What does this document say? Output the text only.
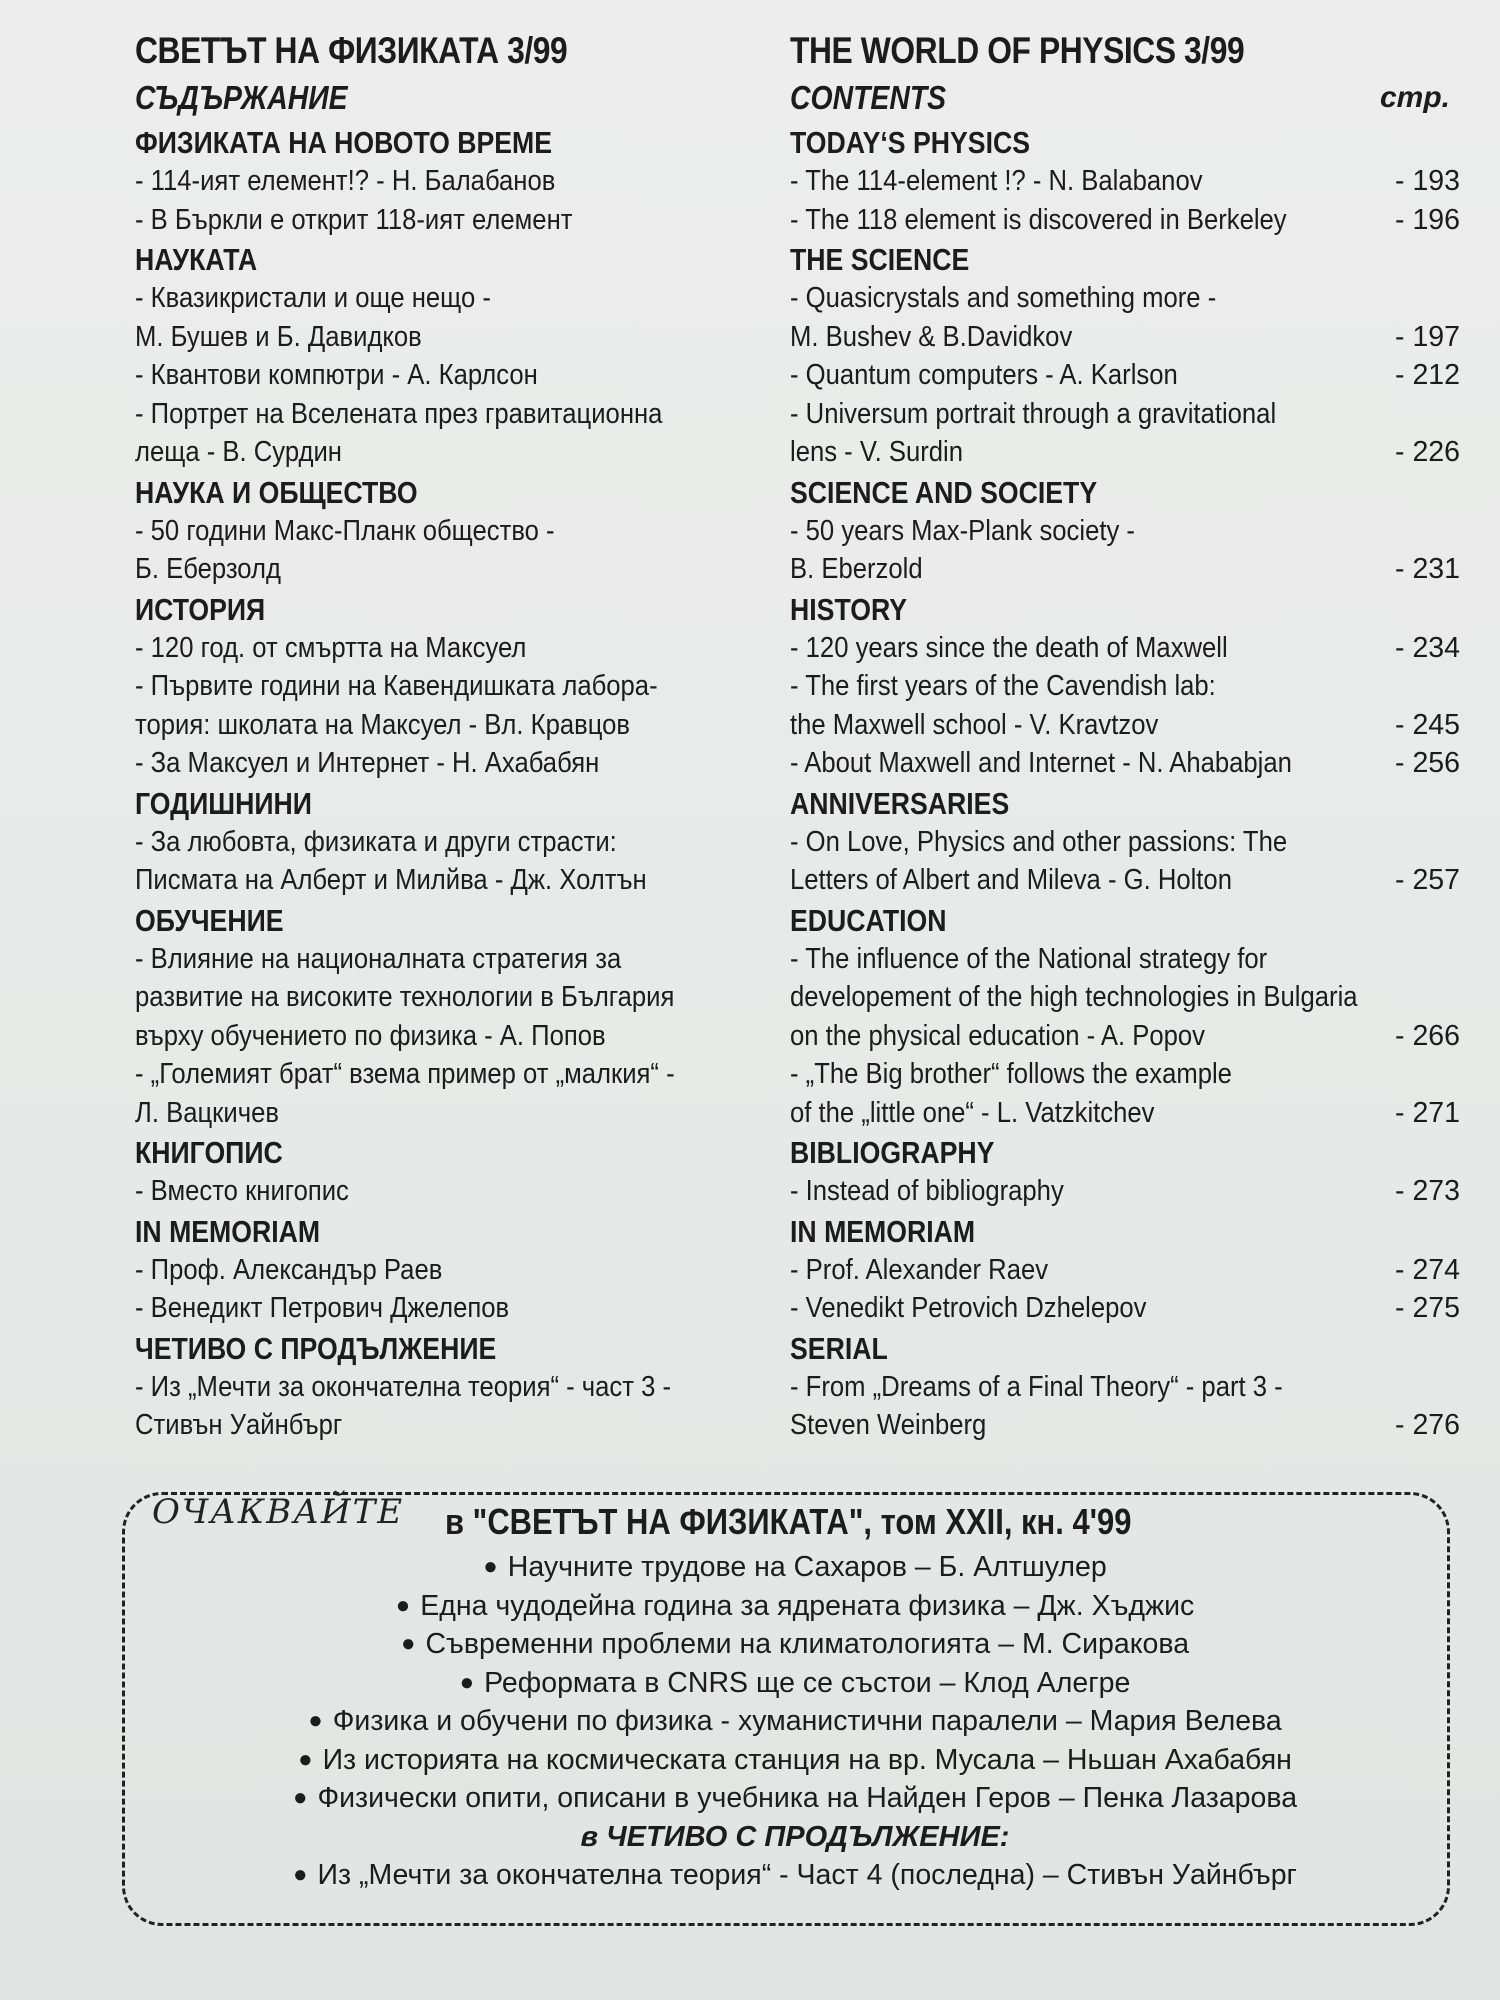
СВЕТЪТ НА ФИЗИКАТА 3/99
СЪДЪРЖАНИЕ
ФИЗИКАТА НА НОВОТО ВРЕМЕ
- 114-ият елемент!? - Н. Балабанов
- В Бъркли е открит 118-ият елемент
НАУКАТА
- Квазикристали и още нещо -
М. Бушев и Б. Давидков
- Квантови компютри - А. Карлсон
- Портрет на Вселената през гравитационна
леща - В. Сурдин
НАУКА И ОБЩЕСТВО
- 50 години Макс-Планк общество -
Б. Еберзолд
ИСТОРИЯ
- 120 год. от смъртта на Максуел
- Първите години на Кавендишката лабора-
тория: школата на Максуел - Вл. Кравцов
- За Максуел и Интернет - Н. Ахабабян
ГОДИШНИНИ
- За любовта, физиката и други страсти:
Писмата на Алберт и Милйва - Дж. Холтън
ОБУЧЕНИЕ
- Влияние на националната стратегия за
развитие на високите технологии в България
върху обучението по физика - А. Попов
- „Големият брат“ взема пример от „малкия“ -
Л. Вацкичев
КНИГОПИС
- Вместо книгопис
IN MEMORIAM
- Проф. Александър Раев
- Венедикт Петрович Джелепов
ЧЕТИВО С ПРОДЪЛЖЕНИЕ
- Из „Мечти за окончателна теория“ - част 3 -
Стивън Уайнбърг
THE WORLD OF PHYSICS 3/99
CONTENTS	стр.
TODAY‘S PHYSICS
- The 114-element !? - N. Balabanov	- 193
- The 118 element is discovered in Berkeley	- 196
THE SCIENCE
- Quasicrystals and something more -
M. Bushev & B.Davidkov	- 197
- Quantum computers - A. Karlson	- 212
- Universum portrait through a gravitational
lens - V. Surdin	- 226
SCIENCE AND SOCIETY
- 50 years Max-Plank society -
B. Eberzold	- 231
HISTORY
- 120 years since the death of Maxwell	- 234
- The first years of the Cavendish lab:
the Maxwell school - V. Kravtzov	- 245
- About Maxwell and Internet - N. Ahababjan	- 256
ANNIVERSARIES
- On Love, Physics and other passions: The
Letters of Albert and Mileva - G. Holton	- 257
EDUCATION
- The influence of the National strategy for
developement of the high technologies in Bulgaria
on the physical education - A. Popov	- 266
- „The Big brother“ follows the example
of the „little one“ - L. Vatzkitchev	- 271
BIBLIOGRAPHY
- Instead of bibliography	- 273
IN MEMORIAM
- Prof. Alexander Raev	- 274
- Venedikt Petrovich Dzhelepov	- 275
SERIAL
- From „Dreams of a Final Theory“ - part 3 -
Steven Weinberg	- 276
ОЧАКВАЙТЕ в "СВЕТЪТ НА ФИЗИКАТА", том XXII, кн. 4'99
● Научните трудове на Сахаров – Б. Алтшулер
● Една чудодейна година за ядрената физика – Дж. Хъджис
● Съвременни проблеми на климатологията – М. Сиракова
● Реформата в CNRS ще се състои – Клод Алегре
● Физика и обучени по физика - хуманистични паралели – Мария Велева
● Из историята на космическата станция на вр. Мусала – Ньшан Ахабабян
● Физически опити, описани в учебника на Найден Геров – Пенка Лазарова
в ЧЕТИВО С ПРОДЪЛЖЕНИЕ:
● Из „Мечти за окончателна теория“ - Част 4 (последна) – Стивън Уайнбърг
